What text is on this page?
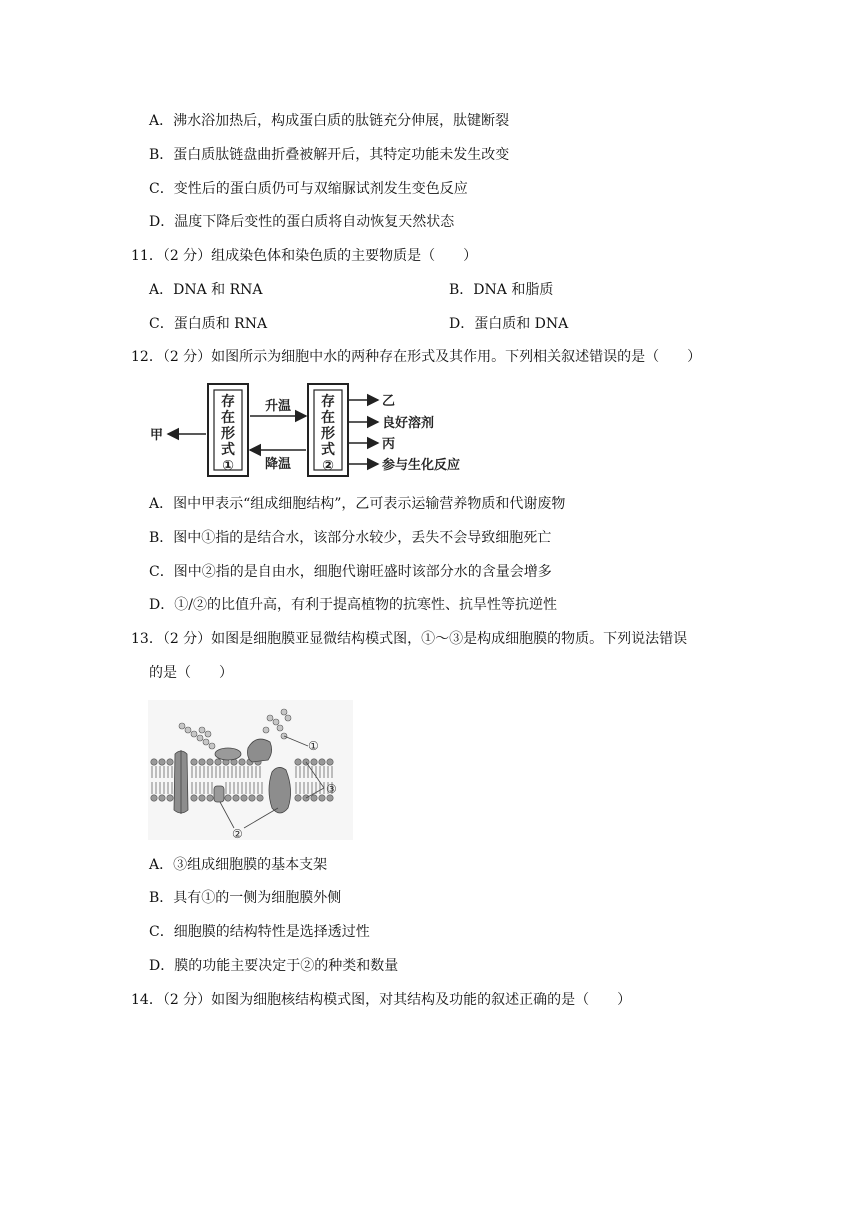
A．沸水浴加热后，构成蛋白质的肽链充分伸展，肽键断裂
B．蛋白质肽链盘曲折叠被解开后，其特定功能未发生改变
C．变性后的蛋白质仍可与双缩脲试剂发生变色反应
D．温度下降后变性的蛋白质将自动恢复天然状态
11．（2 分）组成染色体和染色质的主要物质是（　　）
A．DNA 和 RNA	B．DNA 和脂质
C．蛋白质和 RNA	D．蛋白质和 DNA
12．（2 分）如图所示为细胞中水的两种存在形式及其作用。下列相关叙述错误的是（　　）
存
在
形
式
①
存
在
形
式
②
升温
降温
甲
乙
良好溶剂
丙
参与生化反应
A．图中甲表示“组成细胞结构”，乙可表示运输营养物质和代谢废物
B．图中①指的是结合水，该部分水较少，丢失不会导致细胞死亡
C．图中②指的是自由水，细胞代谢旺盛时该部分水的含量会增多
D．①/②的比值升高，有利于提高植物的抗寒性、抗旱性等抗逆性
13．（2 分）如图是细胞膜亚显微结构模式图，①～③是构成细胞膜的物质。下列说法错误
的是（　　）
①
②
③
A．③组成细胞膜的基本支架
B．具有①的一侧为细胞膜外侧
C．细胞膜的结构特性是选择透过性
D．膜的功能主要决定于②的种类和数量
14．（2 分）如图为细胞核结构模式图，对其结构及功能的叙述正确的是（　　）
